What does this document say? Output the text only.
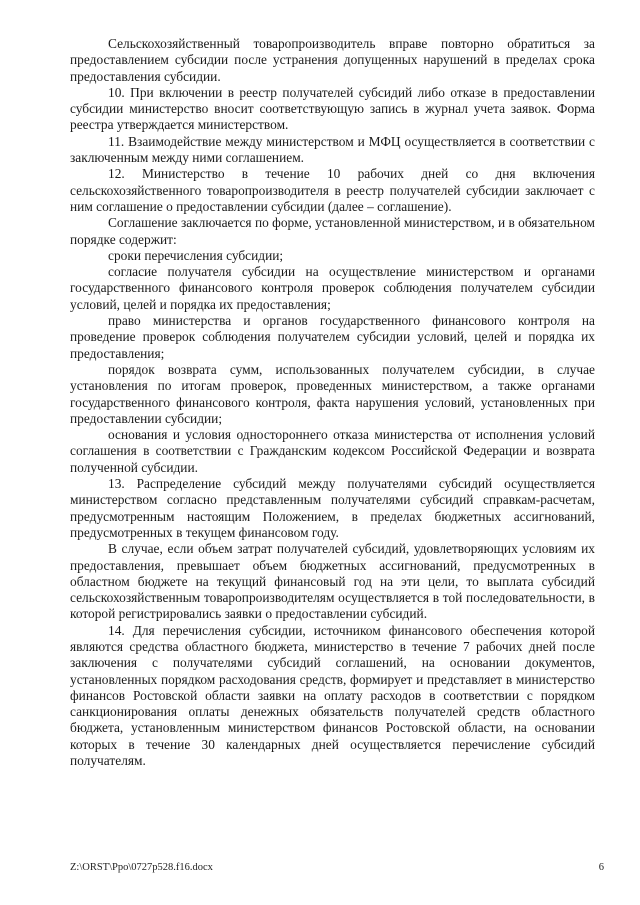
Сельскохозяйственный товаропроизводитель вправе повторно обратиться за предоставлением субсидии после устранения допущенных нарушений в пределах срока предоставления субсидии.

10. При включении в реестр получателей субсидий либо отказе в предоставлении субсидии министерство вносит соответствующую запись в журнал учета заявок. Форма реестра утверждается министерством.

11. Взаимодействие между министерством и МФЦ осуществляется в соответствии с заключенным между ними соглашением.

12. Министерство в течение 10 рабочих дней со дня включения сельскохозяйственного товаропроизводителя в реестр получателей субсидии заключает с ним соглашение о предоставлении субсидии (далее – соглашение).

Соглашение заключается по форме, установленной министерством, и в обязательном порядке содержит:

сроки перечисления субсидии;

согласие получателя субсидии на осуществление министерством и органами государственного финансового контроля проверок соблюдения получателем субсидии условий, целей и порядка их предоставления;

право министерства и органов государственного финансового контроля на проведение проверок соблюдения получателем субсидии условий, целей и порядка их предоставления;

порядок возврата сумм, использованных получателем субсидии, в случае установления по итогам проверок, проведенных министерством, а также органами государственного финансового контроля, факта нарушения условий, установленных при предоставлении субсидии;

основания и условия одностороннего отказа министерства от исполнения условий соглашения в соответствии с Гражданским кодексом Российской Федерации и возврата полученной субсидии.

13. Распределение субсидий между получателями субсидий осуществляется министерством согласно представленным получателями субсидий справкам-расчетам, предусмотренным настоящим Положением, в пределах бюджетных ассигнований, предусмотренных в текущем финансовом году.

В случае, если объем затрат получателей субсидий, удовлетворяющих условиям их предоставления, превышает объем бюджетных ассигнований, предусмотренных в областном бюджете на текущий финансовый год на эти цели, то выплата субсидий сельскохозяйственным товаропроизводителям осуществляется в той последовательности, в которой регистрировались заявки о предоставлении субсидий.

14. Для перечисления субсидии, источником финансового обеспечения которой являются средства областного бюджета, министерство в течение 7 рабочих дней после заключения с получателями субсидий соглашений, на основании документов, установленных порядком расходования средств, формирует и представляет в министерство финансов Ростовской области заявки на оплату расходов в соответствии с порядком санкционирования оплаты денежных обязательств получателей средств областного бюджета, установленным министерством финансов Ростовской области, на основании которых в течение 30 календарных дней осуществляется перечисление субсидий получателям.

Z:\ORST\Ppo\0727p528.f16.docx	6
